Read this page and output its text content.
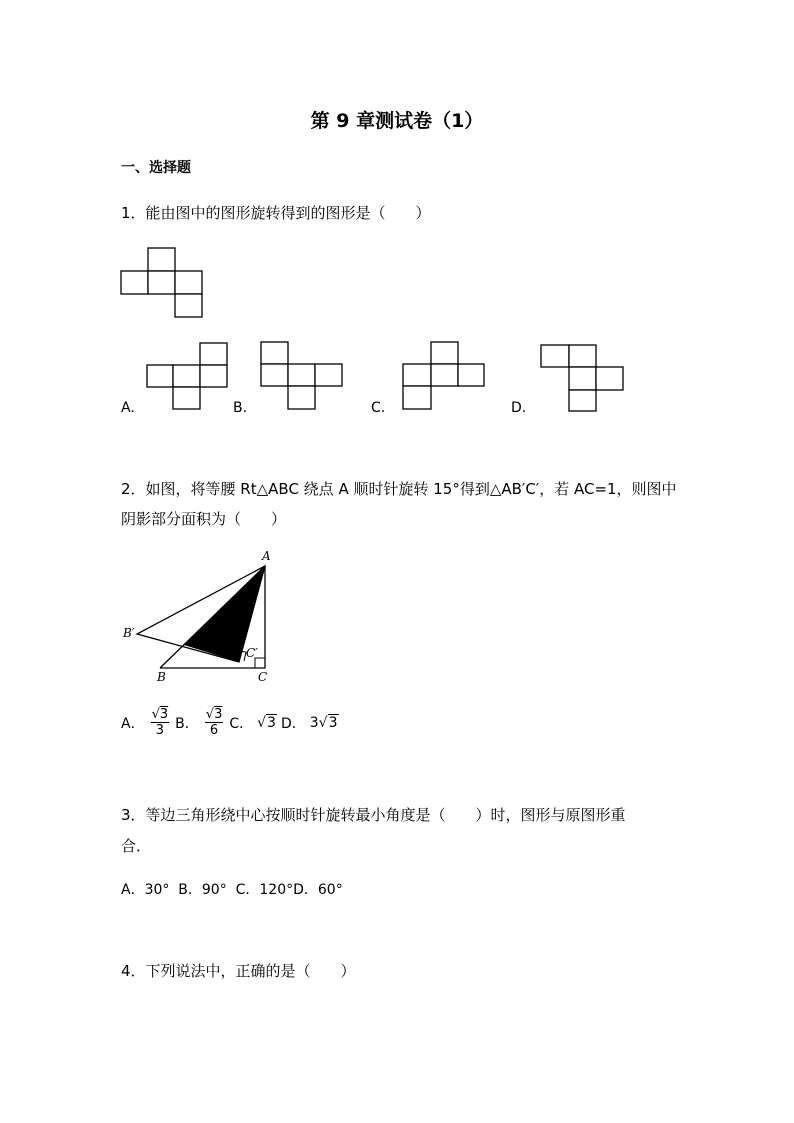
第 9 章测试卷（1）
一、选择题
1．能由图中的图形旋转得到的图形是（　　）
A.	B.	C.	D.
2．如图，将等腰 Rt△ABC 绕点 A 顺时针旋转 15°得到△AB′C′，若 AC=1，则图中
阴影部分面积为（　　）
A
B′
C′
B	C
A． $\frac{√3}{3}$ B． $\frac{√3}{6}$ C． √3 D． 3√3
3．等边三角形绕中心按顺时针旋转最小角度是（　　）时，图形与原图形重
合．
A．30°  B．90°  C．120°D．60°
4．下列说法中，正确的是（　　）
